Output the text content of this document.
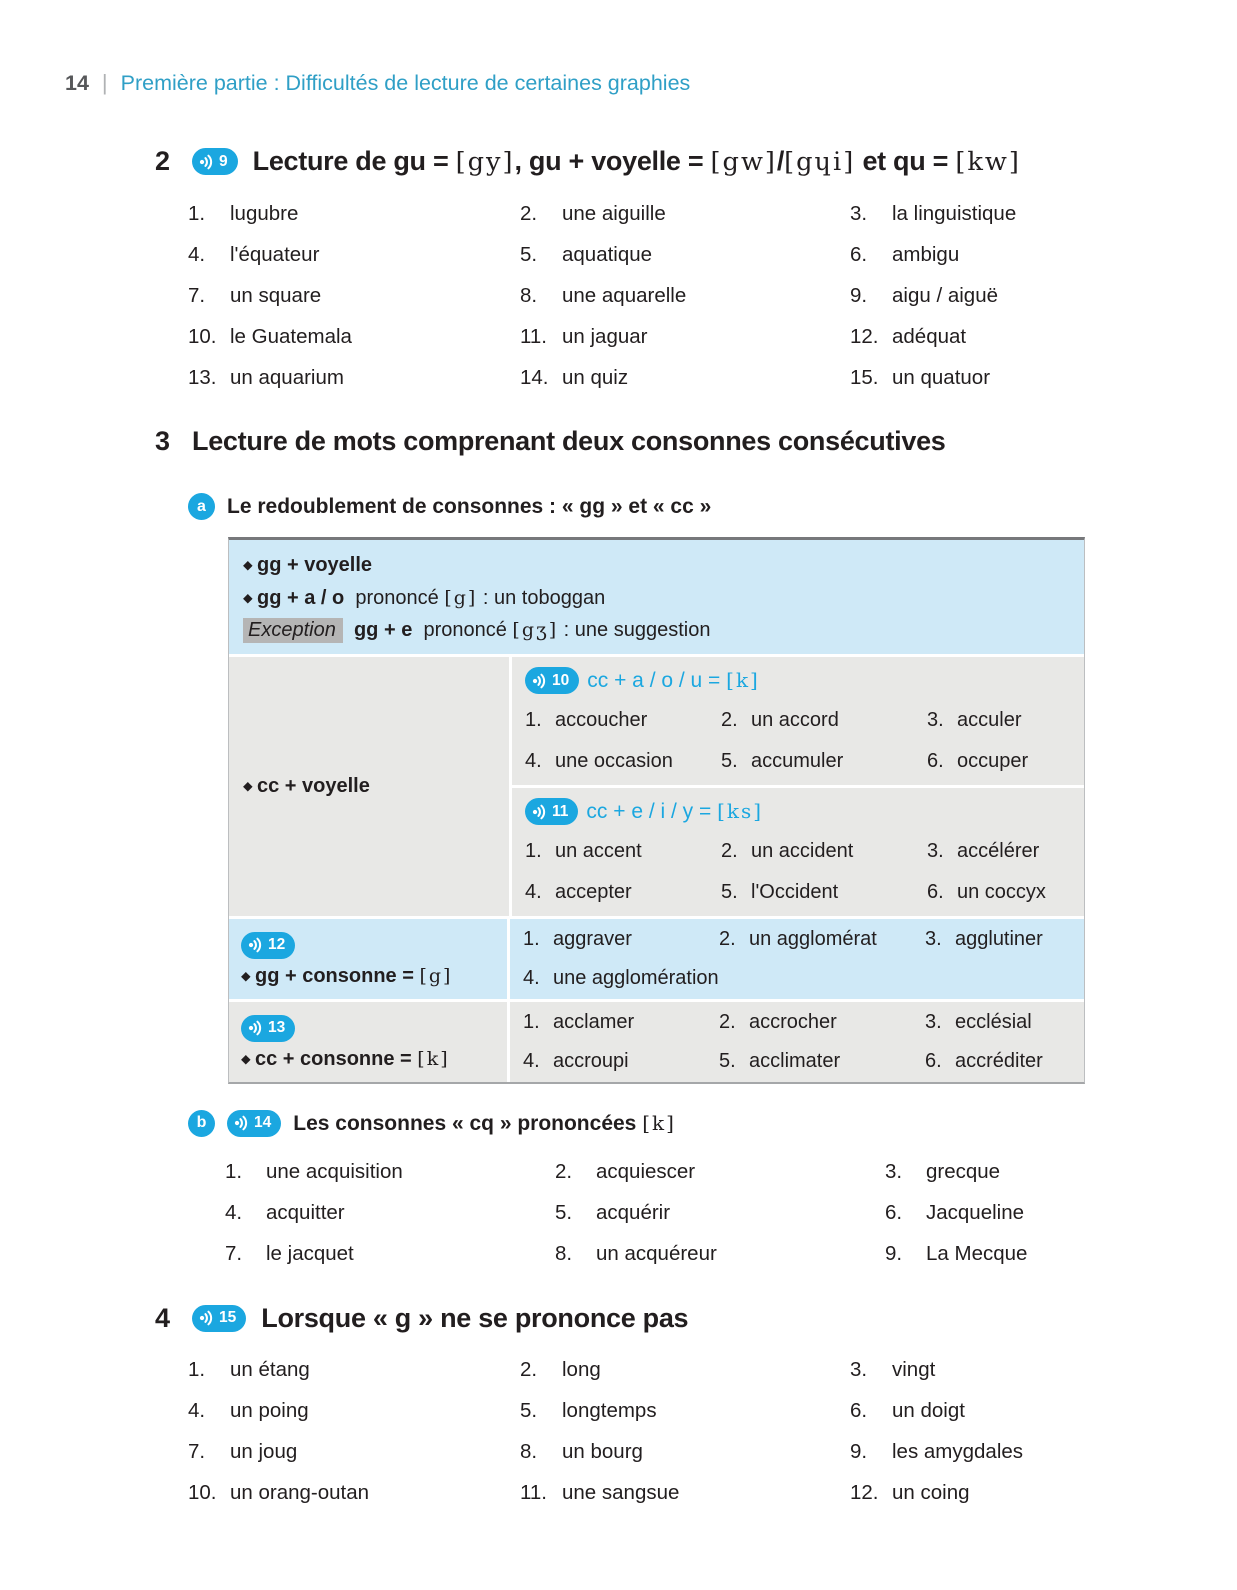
14 | Première partie : Difficultés de lecture de certaines graphies
2	9 Lecture de gu = [gy], gu + voyelle = [gw]/[gɥi] et qu = [kw]
1.	lugubre	2.	une aiguille	3.	la linguistique
4.	l'équateur	5.	aquatique	6.	ambigu
7.	un square	8.	une aquarelle	9.	aigu / aiguë
10. le Guatemala	11. un jaguar	12. adéquat
13. un aquarium	14. un quiz	15. un quatuor
3 Lecture de mots comprenant deux consonnes consécutives
a	Le redoublement de consonnes : « gg » et « cc »
◆ gg + voyelle
◆ gg + a / o  prononcé [g] : un toboggan
Exception gg + e  prononcé [gʒ] : une suggestion
◆ cc + voyelle
10 cc + a / o / u = [k]
1. accoucher	2. un accord	3. acculer
4. une occasion 5. accumuler	6. occuper
11 cc + e / i / y = [ks]
1. un accent	2. un accident	3. accélérer
4. accepter	5. l'Occident	6. un coccyx
12
◆ gg + consonne = [g]
1. aggraver	2. un agglomérat 3. agglutiner
4. une agglomération
13
◆ cc + consonne = [k]
1. acclamer	2. accrocher	3. ecclésial
4. accroupi	5. acclimater	6. accréditer
b	14 Les consonnes « cq » prononcées [k]
1.	une acquisition	2.	acquiescer	3.	grecque
4.	acquitter	5.	acquérir	6.	Jacqueline
7.	le jacquet	8.	un acquéreur	9.	La Mecque
4	15 Lorsque « g » ne se prononce pas
1.	un étang	2.	long	3.	vingt
4.	un poing	5.	longtemps	6.	un doigt
7.	un joug	8.	un bourg	9.	les amygdales
10. un orang-outan	11. une sangsue	12. un coing
